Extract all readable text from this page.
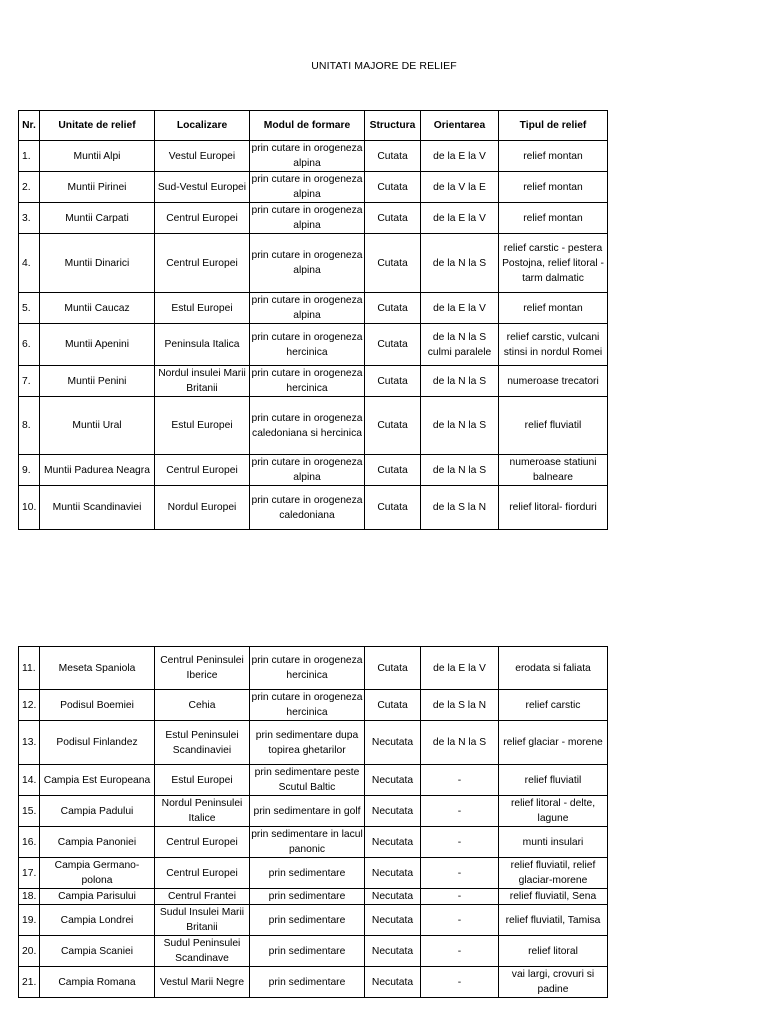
UNITATI MAJORE DE RELIEF
Nr.	Unitate de relief	Localizare	Modul de formare	Structura	Orientarea	Tipul de relief
1.	Muntii Alpi	Vestul Europei	prin cutare in orogeneza alpina	Cutata	de la E la V	relief montan
2.	Muntii Pirinei	Sud-Vestul Europei	prin cutare in orogeneza alpina	Cutata	de la V la E	relief montan
3.	Muntii Carpati	Centrul Europei	prin cutare in orogeneza alpina	Cutata	de la E la V	relief montan
4.	Muntii Dinarici	Centrul Europei	prin cutare in orogeneza alpina	Cutata	de la N la S	relief carstic - pestera Postojna, relief litoral - tarm dalmatic
5.	Muntii Caucaz	Estul Europei	prin cutare in orogeneza alpina	Cutata	de la E la V	relief montan
6.	Muntii Apenini	Peninsula Italica	prin cutare in orogeneza hercinica	Cutata	de la N la S culmi paralele	relief carstic, vulcani stinsi in nordul Romei
7.	Muntii Penini	Nordul insulei Marii Britanii	prin cutare in orogeneza hercinica	Cutata	de la N la S	numeroase trecatori
8.	Muntii Ural	Estul Europei	prin cutare in orogeneza caledoniana si hercinica	Cutata	de la N la S	relief fluviatil
9.	Muntii Padurea Neagra	Centrul Europei	prin cutare in orogeneza alpina	Cutata	de la N la S	numeroase statiuni balneare
10.	Muntii Scandinaviei	Nordul Europei	prin cutare in orogeneza caledoniana	Cutata	de la S la N	relief litoral- fiorduri
11.	Meseta Spaniola	Centrul Peninsulei Iberice	prin cutare in orogeneza hercinica	Cutata	de la E la V	erodata si faliata
12.	Podisul Boemiei	Cehia	prin cutare in orogeneza hercinica	Cutata	de la S la N	relief carstic
13.	Podisul Finlandez	Estul Peninsulei Scandinaviei	prin sedimentare dupa topirea ghetarilor	Necutata	de la N la S	relief glaciar - morene
14.	Campia Est Europeana	Estul Europei	prin sedimentare peste Scutul Baltic	Necutata	-	relief fluviatil
15.	Campia Padului	Nordul Peninsulei Italice	prin sedimentare in golf	Necutata	-	relief litoral - delte, lagune
16.	Campia Panoniei	Centrul Europei	prin sedimentare in lacul panonic	Necutata	-	munti insulari
17.	Campia Germano-polona	Centrul Europei	prin sedimentare	Necutata	-	relief fluviatil, relief glaciar-morene
18.	Campia Parisului	Centrul Frantei	prin sedimentare	Necutata	-	relief fluviatil, Sena
19.	Campia Londrei	Sudul Insulei Marii Britanii	prin sedimentare	Necutata	-	relief fluviatil, Tamisa
20.	Campia Scaniei	Sudul Peninsulei Scandinave	prin sedimentare	Necutata	-	relief litoral
21.	Campia Romana	Vestul Marii Negre	prin sedimentare	Necutata	-	vai largi, crovuri si padine
